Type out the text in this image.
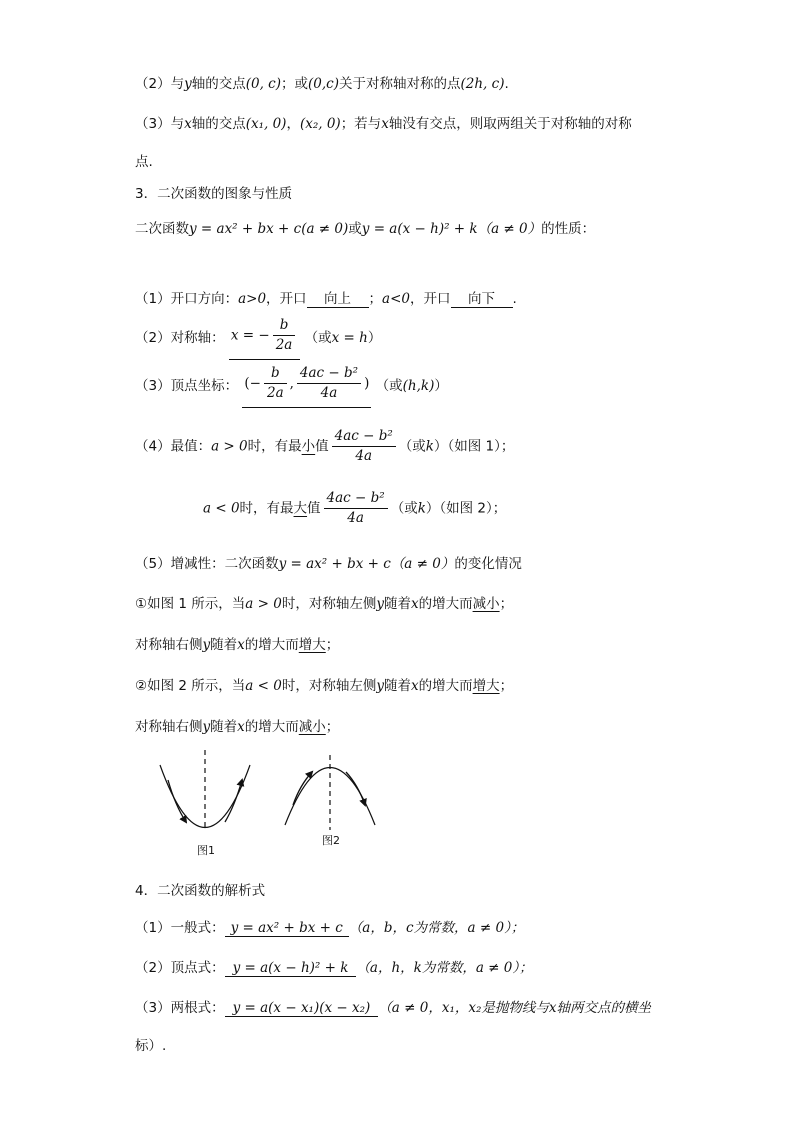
（2）与y轴的交点(0, c)；或(0,c)关于对称轴对称的点(2h, c).
（3）与x轴的交点(x₁, 0)，(x₂, 0)；若与x轴没有交点，则取两组关于对称轴的对称
点.
3．二次函数的图象与性质
二次函数y = ax² + bx + c(a ≠ 0)或y = a(x − h)² + k（a ≠ 0）的性质：
（1）开口方向：a>0，开口 向上 ；a<0，开口 向下 .
（2）对称轴： x = − $\frac{b}{2a}$ （或x = h）
（3）顶点坐标： (− $\frac{b}{2a}$ , $\frac{\text{4ac − b²}}{4a}$ ) （或(h,k)）
（4）最值：a > 0时，有最小值 $\frac{\text{4ac − b²}}{4a}$ （或k）（如图 1）；
a < 0时，有最大值 $\frac{\text{4ac − b²}}{4a}$ （或k）（如图 2）；
（5）增减性：二次函数y = ax² + bx + c（a ≠ 0）的变化情况
①如图 1 所示，当a > 0时，对称轴左侧y随着x的增大而减小；
对称轴右侧y随着x的增大而增大；
②如图 2 所示，当a < 0时，对称轴左侧y随着x的增大而增大；
对称轴右侧y随着x的增大而减小；
图1
图2
4．二次函数的解析式
（1）一般式： y = ax² + bx + c （a，b，c为常数，a ≠ 0）；
（2）顶点式： y = a(x − h)² + k （a，h，k为常数，a ≠ 0）；
（3）两根式： y = a(x − x₁)(x − x₂) （a ≠ 0，x₁，x₂是抛物线与x轴两交点的横坐
标）.
